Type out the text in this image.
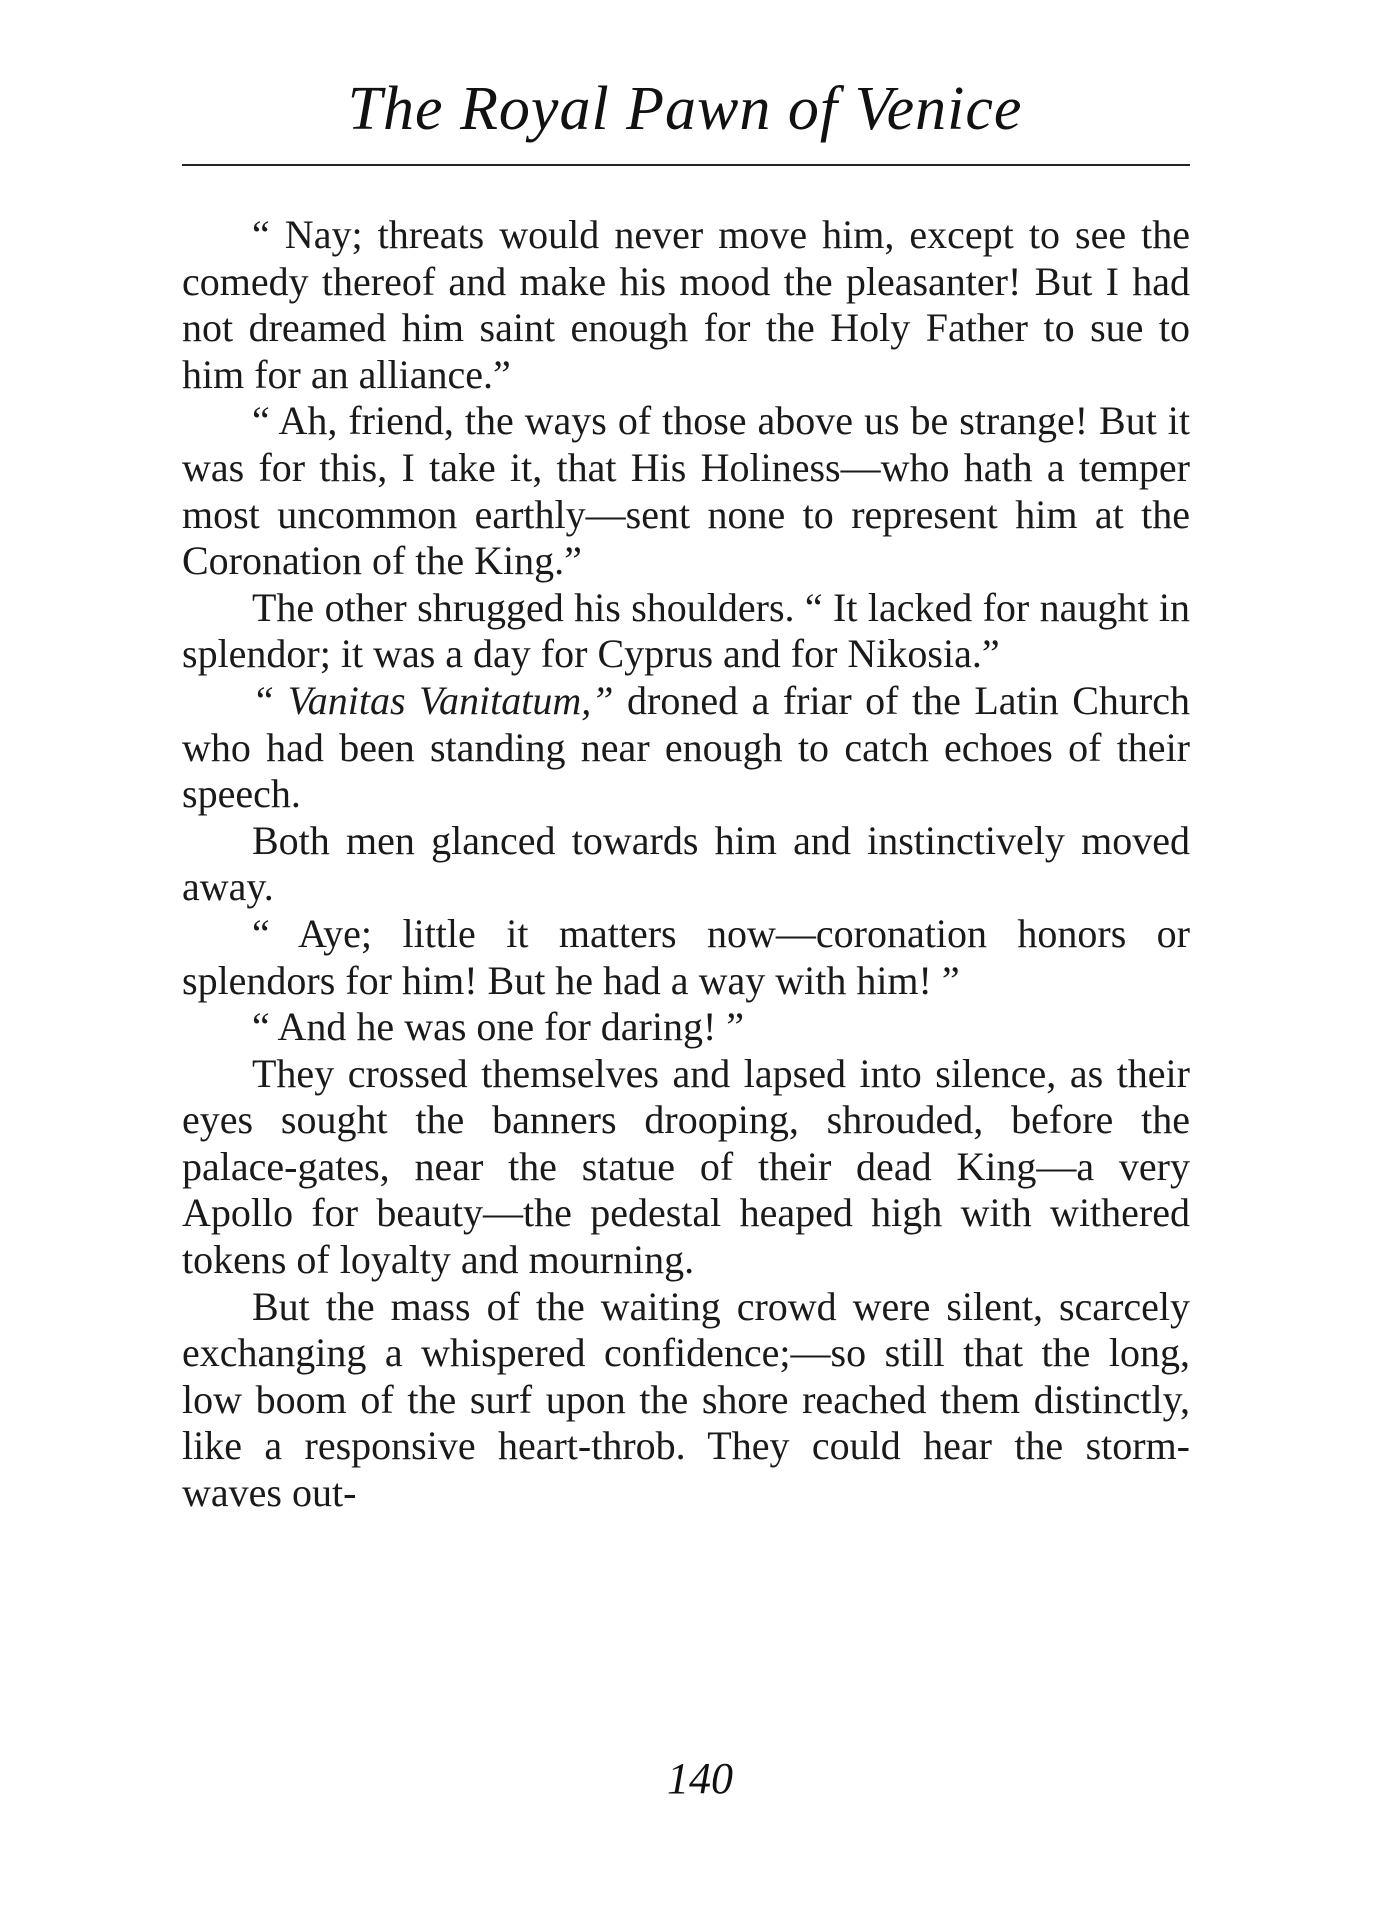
The Royal Pawn of Venice

“ Nay; threats would never move him, except to see the comedy thereof and make his mood the pleasanter! But I had not dreamed him saint enough for the Holy Father to sue to him for an alliance.”

“ Ah, friend, the ways of those above us be strange! But it was for this, I take it, that His Holiness—who hath a temper most uncommon earthly—sent none to represent him at the Coronation of the King.”

The other shrugged his shoulders. “ It lacked for naught in splendor; it was a day for Cyprus and for Nikosia.”

“ Vanitas Vanitatum,” droned a friar of the Latin Church who had been standing near enough to catch echoes of their speech.

Both men glanced towards him and instinctively moved away.

“ Aye; little it matters now—coronation honors or splendors for him! But he had a way with him! ”

“ And he was one for daring! ”

They crossed themselves and lapsed into silence, as their eyes sought the banners drooping, shrouded, before the palace-gates, near the statue of their dead King—a very Apollo for beauty—the pedestal heaped high with withered tokens of loyalty and mourning.

But the mass of the waiting crowd were silent, scarcely exchanging a whispered confidence;—so still that the long, low boom of the surf upon the shore reached them distinctly, like a responsive heart-throb. They could hear the storm-waves out-

140
